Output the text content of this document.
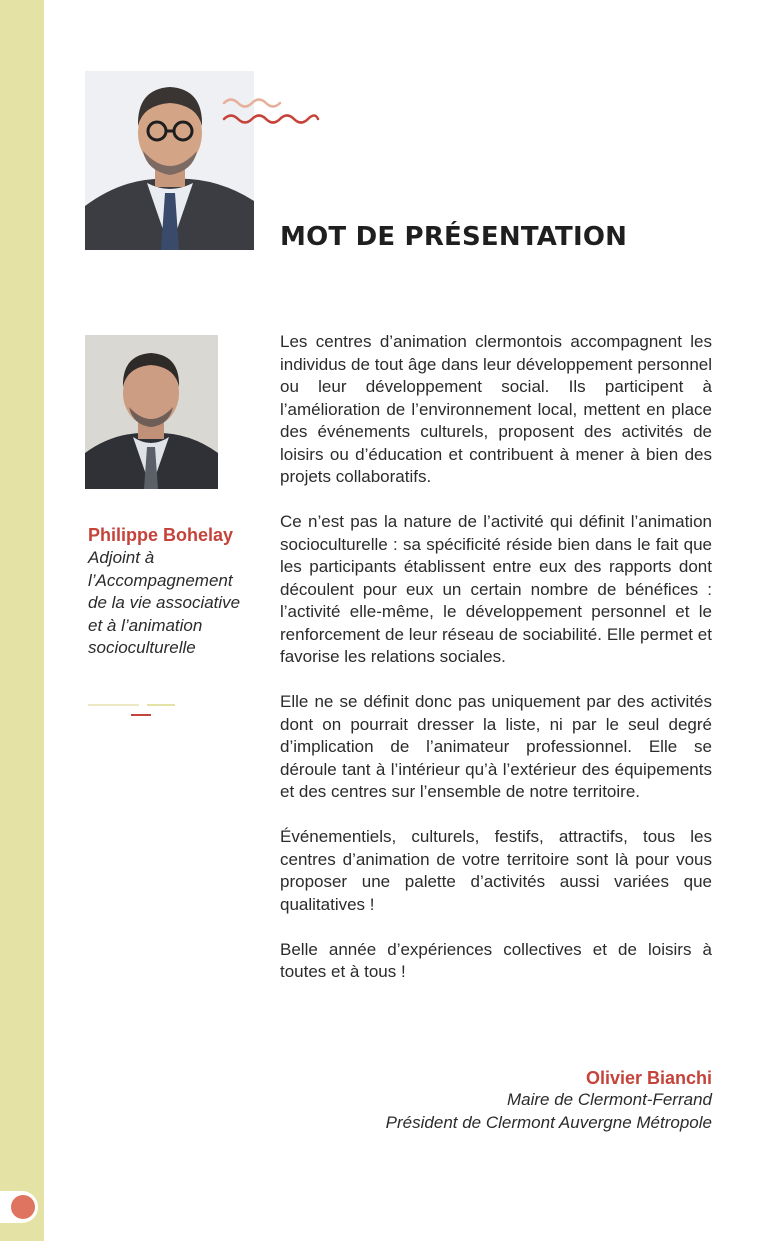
MOT DE PRÉSENTATION
Philippe Bohelay
Adjoint à
l’Accompagnement
de la vie associative
et à l’animation
socioculturelle

Les centres d’animation clermontois accompagnent les individus de tout âge dans leur développement personnel ou leur développement social. Ils participent à l’amélioration de l’environnement local, mettent en place des événements culturels, proposent des activités de loisirs ou d’éducation et contribuent à mener à bien des projets collaboratifs.

Ce n’est pas la nature de l’activité qui définit l’animation socioculturelle : sa spécificité réside bien dans le fait que les participants établissent entre eux des rapports dont découlent pour eux un certain nombre de bénéfices : l’activité elle-même, le développement personnel et le renforcement de leur réseau de sociabilité. Elle permet et favorise les relations sociales.

Elle ne se définit donc pas uniquement par des activités dont on pourrait dresser la liste, ni par le seul degré d’implication de l’animateur professionnel. Elle se déroule tant à l’intérieur qu’à l’extérieur des équipements et des centres sur l’ensemble de notre territoire.

Événementiels, culturels, festifs, attractifs, tous les centres d’animation de votre territoire sont là pour vous proposer une palette d’activités aussi variées que qualitatives !

Belle année d’expériences collectives et de loisirs à toutes et à tous !

Olivier Bianchi
Maire de Clermont-Ferrand
Président de Clermont Auvergne Métropole
